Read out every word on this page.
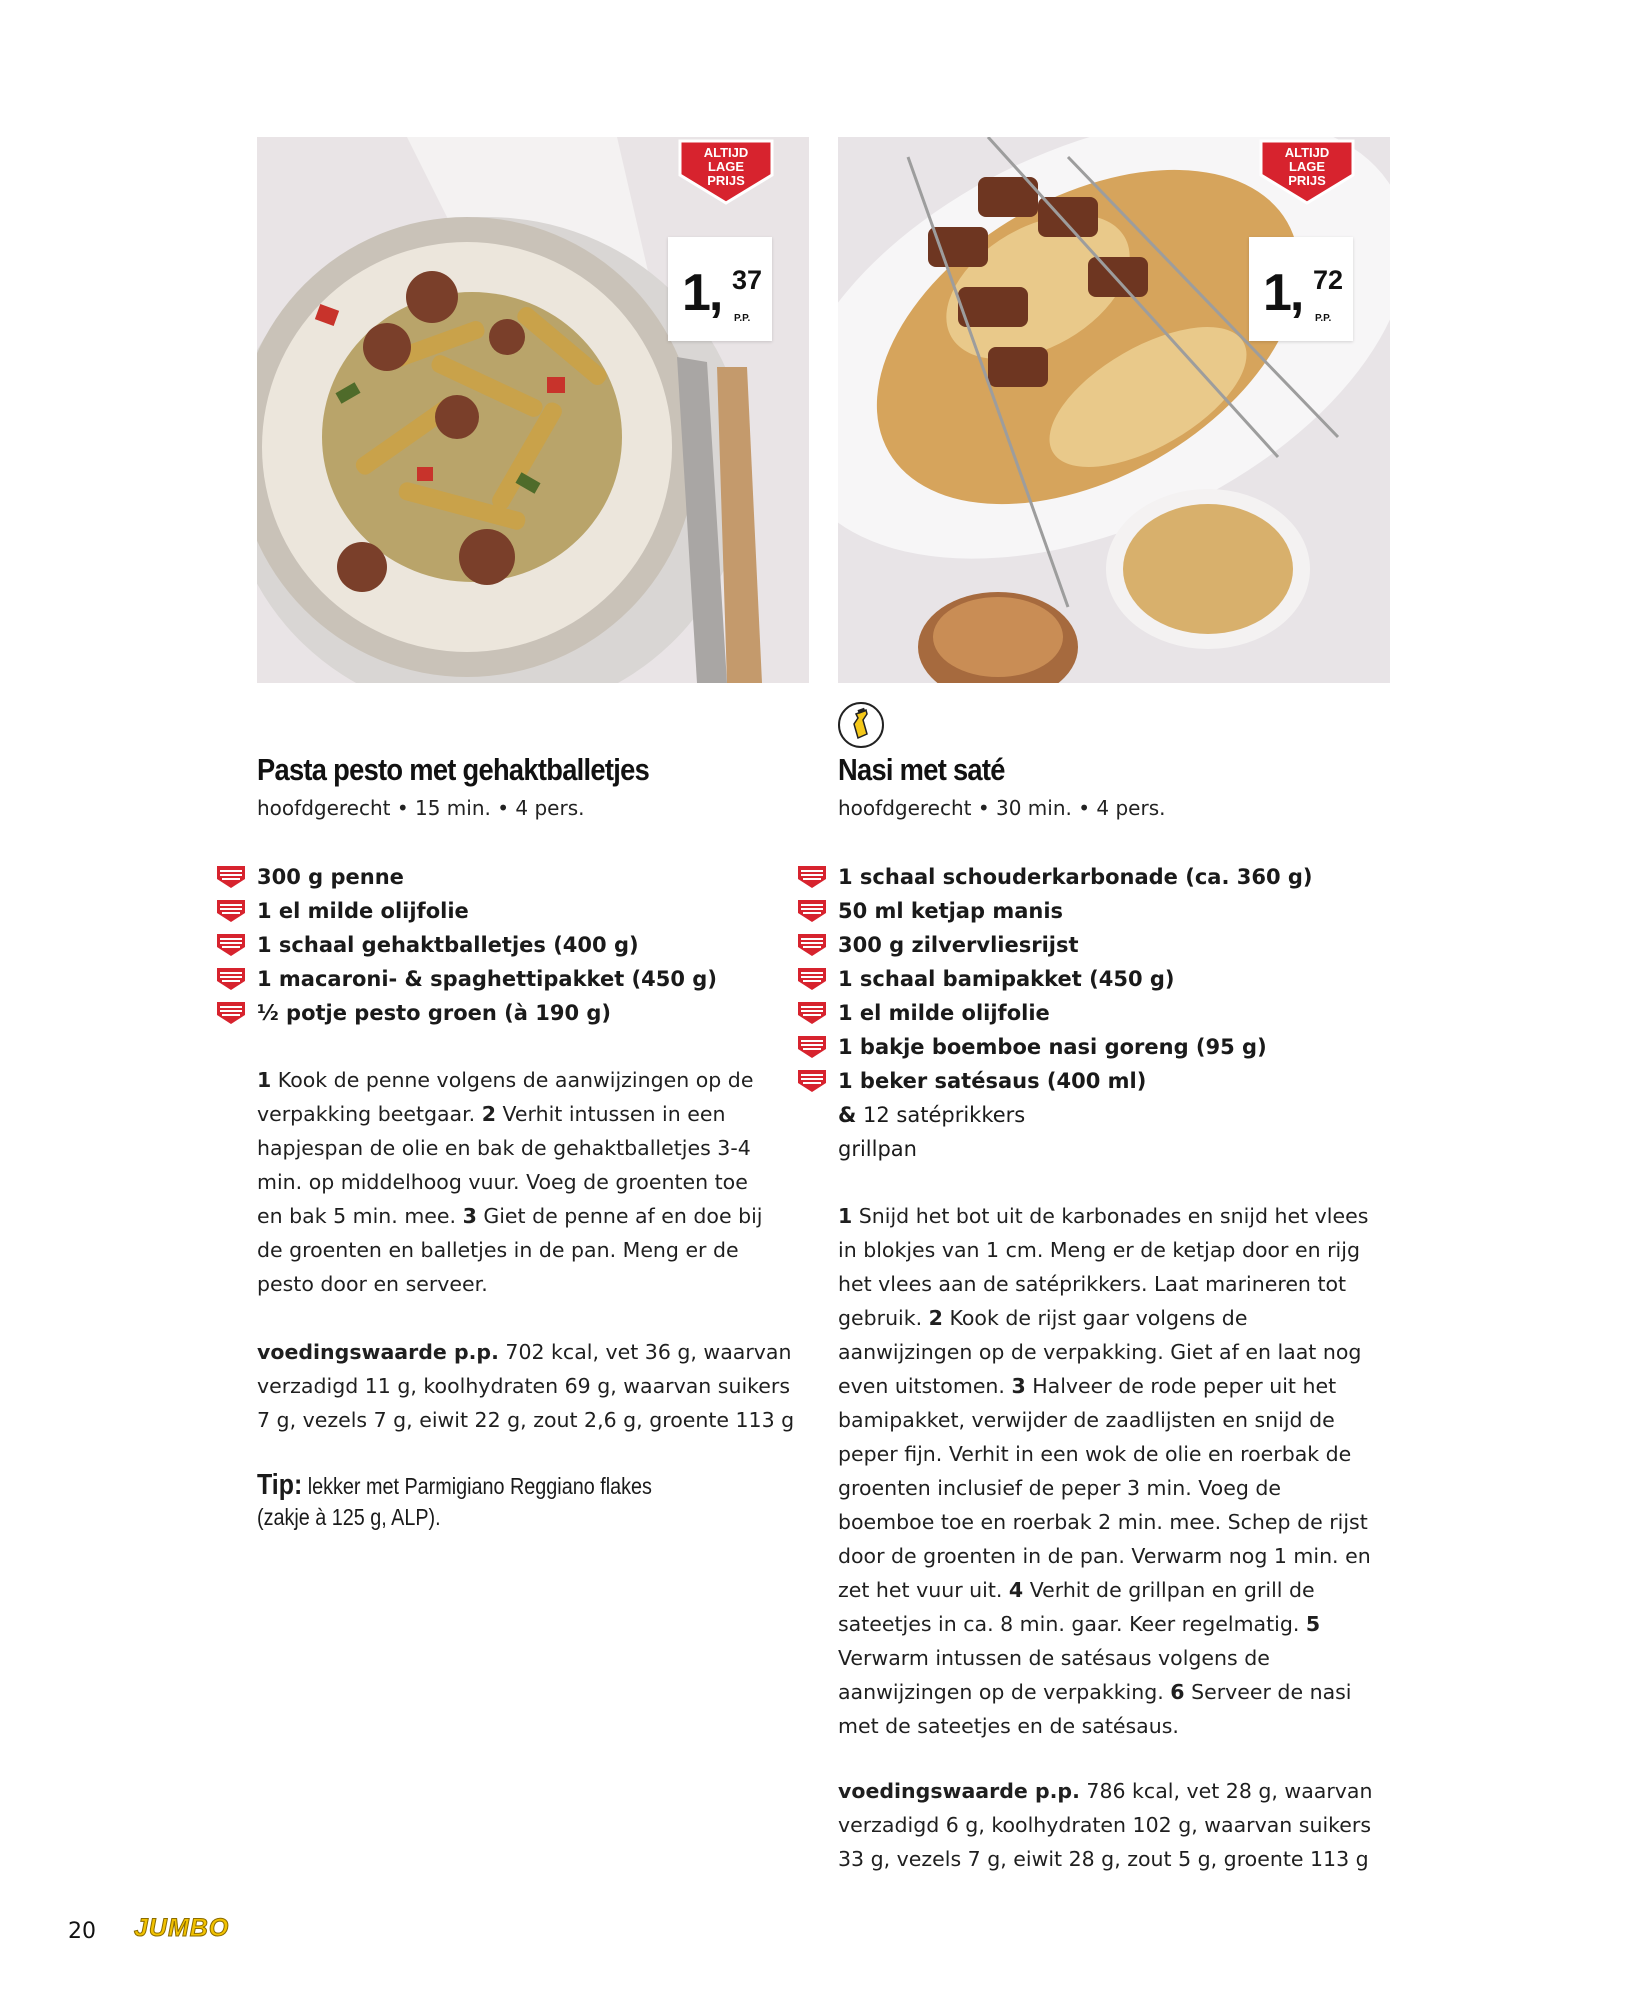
ALTIJD
LAGE
PRIJS
1, 37
P.P.
ALTIJD
LAGE
PRIJS
1, 72
P.P.
Pasta pesto met gehaktballetjes
hoofdgerecht • 15 min. • 4 pers.
300 g penne
1 el milde olijfolie
1 schaal gehaktballetjes (400 g)
1 macaroni- & spaghettipakket (450 g)
½ potje pesto groen (à 190 g)

1 Kook de penne volgens de aanwijzingen op de verpakking beetgaar. 2 Verhit intussen in een hapjespan de olie en bak de gehaktballetjes 3-4 min. op middelhoog vuur. Voeg de groenten toe en bak 5 min. mee. 3 Giet de penne af en doe bij de groenten en balletjes in de pan. Meng er de pesto door en serveer.

voedingswaarde p.p. 702 kcal, vet 36 g, waarvan verzadigd 11 g, koolhydraten 69 g, waarvan suikers 7 g, vezels 7 g, eiwit 22 g, zout 2,6 g, groente 113 g

Tip: lekker met Parmigiano Reggiano flakes (zakje à 125 g, ALP).
Nasi met saté
hoofdgerecht • 30 min. • 4 pers.
1 schaal schouderkarbonade (ca. 360 g)
50 ml ketjap manis
300 g zilvervliesrijst
1 schaal bamipakket (450 g)
1 el milde olijfolie
1 bakje boemboe nasi goreng (95 g)
1 beker satésaus (400 ml)
& 12 satéprikkers
grillpan

1 Snijd het bot uit de karbonades en snijd het vlees in blokjes van 1 cm. Meng er de ketjap door en rijg het vlees aan de satéprikkers. Laat marineren tot gebruik. 2 Kook de rijst gaar volgens de aanwijzingen op de verpakking. Giet af en laat nog even uitstomen. 3 Halveer de rode peper uit het bamipakket, verwijder de zaadlijsten en snijd de peper fijn. Verhit in een wok de olie en roerbak de groenten inclusief de peper 3 min. Voeg de boemboe toe en roerbak 2 min. mee. Schep de rijst door de groenten in de pan. Verwarm nog 1 min. en zet het vuur uit. 4 Verhit de grillpan en grill de sateetjes in ca. 8 min. gaar. Keer regelmatig. 5 Verwarm intussen de satésaus volgens de aanwijzingen op de verpakking. 6 Serveer de nasi met de sateetjes en de satésaus.

voedingswaarde p.p. 786 kcal, vet 28 g, waarvan verzadigd 6 g, koolhydraten 102 g, waarvan suikers 33 g, vezels 7 g, eiwit 28 g, zout 5 g, groente 113 g

20 JUMBO
